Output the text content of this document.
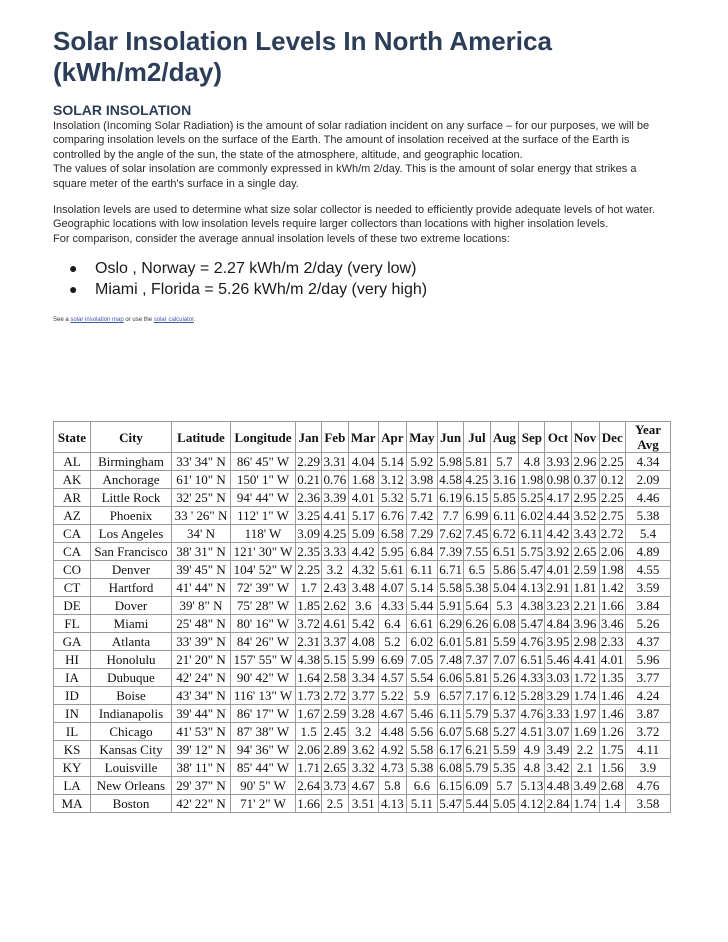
Solar Insolation Levels In North America (kWh/m2/day)
SOLAR INSOLATION

Insolation (Incoming Solar Radiation) is the amount of solar radiation incident on any surface – for our purposes, we will be comparing insolation levels on the surface of the Earth. The amount of insolation received at the surface of the Earth is controlled by the angle of the sun, the state of the atmosphere, altitude, and geographic location.

The values of solar insolation are commonly expressed in kWh/m 2/day. This is the amount of solar energy that strikes a square meter of the earth's surface in a single day.

Insolation levels are used to determine what size solar collector is needed to efficiently provide adequate levels of hot water. Geographic locations with low insolation levels require larger collectors than locations with higher insolation levels.

For comparison, consider the average annual insolation levels of these two extreme locations:

● Oslo , Norway = 2.27 kWh/m 2/day (very low)
● Miami , Florida = 5.26 kWh/m 2/day (very high)

See a solar insolation map or use the solar calculator.

State	City	Latitude	Longitude	Jan	Feb	Mar	Apr	May	Jun	Jul	Aug	Sep	Oct	Nov	Dec	Year Avg
AL	Birmingham	33' 34" N	86' 45" W	2.29	3.31	4.04	5.14	5.92	5.98	5.81	5.7	4.8	3.93	2.96	2.25	4.34
AK	Anchorage	61' 10" N	150' 1" W	0.21	0.76	1.68	3.12	3.98	4.58	4.25	3.16	1.98	0.98	0.37	0.12	2.09
AR	Little Rock	32' 25" N	94' 44" W	2.36	3.39	4.01	5.32	5.71	6.19	6.15	5.85	5.25	4.17	2.95	2.25	4.46
AZ	Phoenix	33 ' 26" N	112' 1" W	3.25	4.41	5.17	6.76	7.42	7.7	6.99	6.11	6.02	4.44	3.52	2.75	5.38
CA	Los Angeles	34' N	118' W	3.09	4.25	5.09	6.58	7.29	7.62	7.45	6.72	6.11	4.42	3.43	2.72	5.4
CA	San Francisco	38' 31" N	121' 30" W	2.35	3.33	4.42	5.95	6.84	7.39	7.55	6.51	5.75	3.92	2.65	2.06	4.89
CO	Denver	39' 45" N	104' 52" W	2.25	3.2	4.32	5.61	6.11	6.71	6.5	5.86	5.47	4.01	2.59	1.98	4.55
CT	Hartford	41' 44" N	72' 39" W	1.7	2.43	3.48	4.07	5.14	5.58	5.38	5.04	4.13	2.91	1.81	1.42	3.59
DE	Dover	39' 8" N	75' 28" W	1.85	2.62	3.6	4.33	5.44	5.91	5.64	5.3	4.38	3.23	2.21	1.66	3.84
FL	Miami	25' 48" N	80' 16" W	3.72	4.61	5.42	6.4	6.61	6.29	6.26	6.08	5.47	4.84	3.96	3.46	5.26
GA	Atlanta	33' 39" N	84' 26" W	2.31	3.37	4.08	5.2	6.02	6.01	5.81	5.59	4.76	3.95	2.98	2.33	4.37
HI	Honolulu	21' 20" N	157' 55" W	4.38	5.15	5.99	6.69	7.05	7.48	7.37	7.07	6.51	5.46	4.41	4.01	5.96
IA	Dubuque	42' 24" N	90' 42" W	1.64	2.58	3.34	4.57	5.54	6.06	5.81	5.26	4.33	3.03	1.72	1.35	3.77
ID	Boise	43' 34" N	116' 13" W	1.73	2.72	3.77	5.22	5.9	6.57	7.17	6.12	5.28	3.29	1.74	1.46	4.24
IN	Indianapolis	39' 44" N	86' 17" W	1.67	2.59	3.28	4.67	5.46	6.11	5.79	5.37	4.76	3.33	1.97	1.46	3.87
IL	Chicago	41' 53" N	87' 38" W	1.5	2.45	3.2	4.48	5.56	6.07	5.68	5.27	4.51	3.07	1.69	1.26	3.72
KS	Kansas City	39' 12" N	94' 36" W	2.06	2.89	3.62	4.92	5.58	6.17	6.21	5.59	4.9	3.49	2.2	1.75	4.11
KY	Louisville	38' 11" N	85' 44" W	1.71	2.65	3.32	4.73	5.38	6.08	5.79	5.35	4.8	3.42	2.1	1.56	3.9
LA	New Orleans	29' 37" N	90' 5" W	2.64	3.73	4.67	5.8	6.6	6.15	6.09	5.7	5.13	4.48	3.49	2.68	4.76
MA	Boston	42' 22" N	71' 2" W	1.66	2.5	3.51	4.13	5.11	5.47	5.44	5.05	4.12	2.84	1.74	1.4	3.58
